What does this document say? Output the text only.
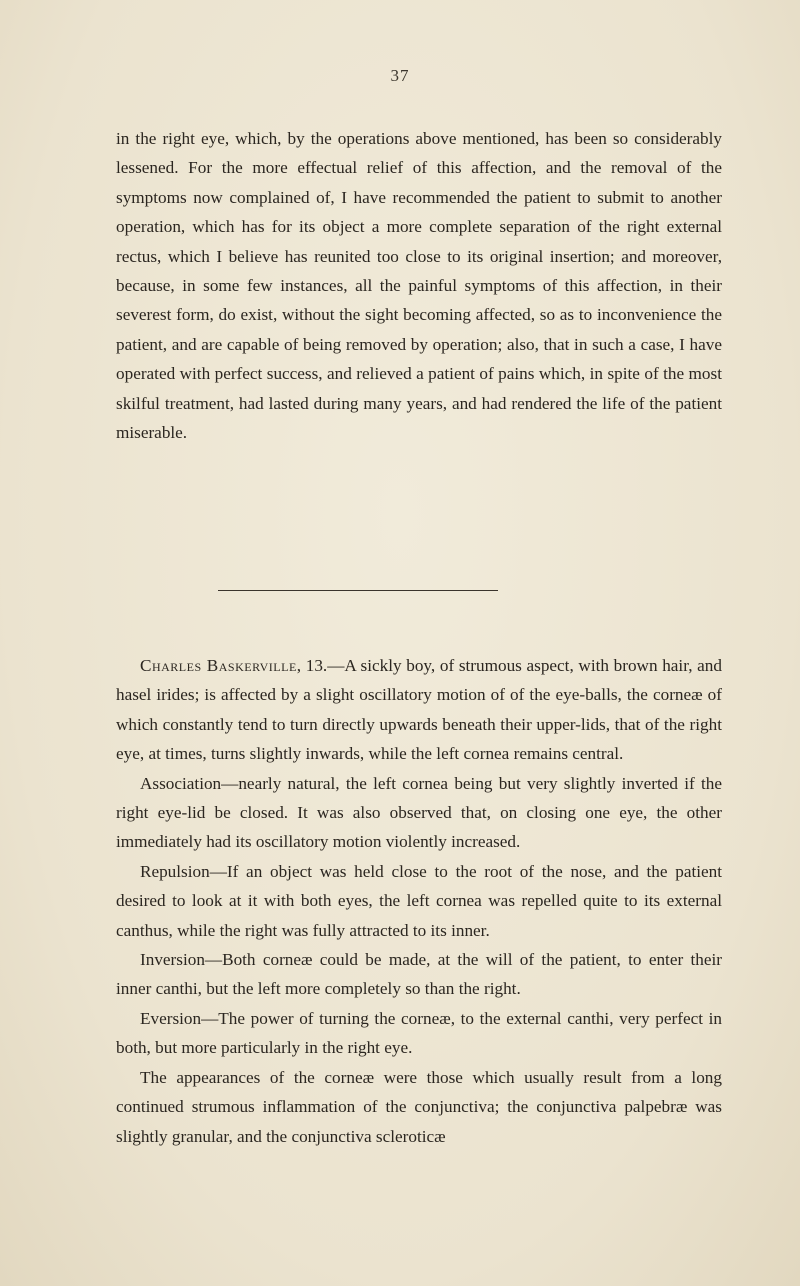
37

in the right eye, which, by the operations above mentioned, has been so considerably lessened. For the more effectual relief of this affection, and the removal of the symptoms now complained of, I have recommended the patient to submit to another operation, which has for its object a more complete separation of the right external rectus, which I believe has reunited too close to its original insertion; and moreover, because, in some few instances, all the painful symptoms of this affection, in their severest form, do exist, without the sight becoming affected, so as to inconvenience the patient, and are capable of being removed by operation; also, that in such a case, I have operated with perfect success, and relieved a patient of pains which, in spite of the most skilful treatment, had lasted during many years, and had rendered the life of the patient miserable.

Charles Baskerville, 13.—A sickly boy, of strumous aspect, with brown hair, and hasel irides; is affected by a slight oscillatory motion of of the eye-balls, the corneæ of which constantly tend to turn directly upwards beneath their upper-lids, that of the right eye, at times, turns slightly inwards, while the left cornea remains central.

Association—nearly natural, the left cornea being but very slightly inverted if the right eye-lid be closed. It was also observed that, on closing one eye, the other immediately had its oscillatory motion violently increased.

Repulsion—If an object was held close to the root of the nose, and the patient desired to look at it with both eyes, the left cornea was repelled quite to its external canthus, while the right was fully attracted to its inner.

Inversion—Both corneæ could be made, at the will of the patient, to enter their inner canthi, but the left more completely so than the right.

Eversion—The power of turning the corneæ, to the external canthi, very perfect in both, but more particularly in the right eye.

The appearances of the corneæ were those which usually result from a long continued strumous inflammation of the conjunctiva; the conjunctiva palpebræ was slightly granular, and the conjunctiva scleroticæ
